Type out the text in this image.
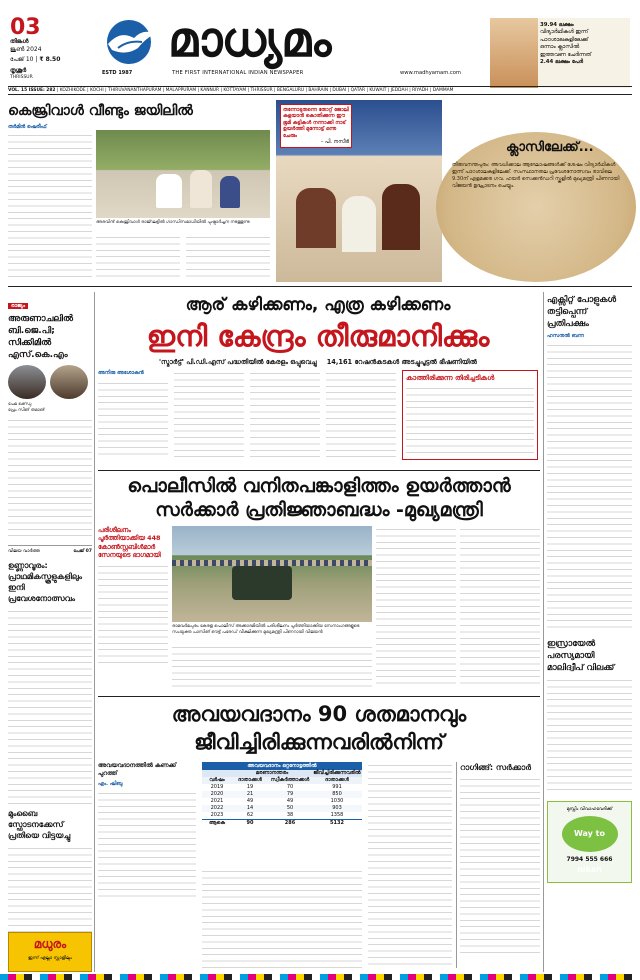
03
തിങ്കൾ
ജൂൺ 2024
പേജ് 10 | ₹ 8.50
തൃശൂർ
THRISSUR
ESTD 1987
മാധ്യമം
THE FIRST INTERNATIONAL INDIAN NEWSPAPER	www.madhyamam.com
39.94 ലക്ഷം
വിദ്യാർഥികൾ ഇന്ന്
പാഠശാലകളിലേക്ക്
ഒന്നാം ക്ലാസിൽ
ഇത്തവണ ചേർന്നത്
2.44 ലക്ഷം പേർ
VOL. 15 ISSUE: 282 | KOZHIKODE | KOCHI | THIRUVANANTHAPURAM | MALAPPURAM | KANNUR | KOTTAYAM | THRISSUR | BENGALURU | BAHRAIN | DUBAI | QATAR | KUWAIT | JEDDAH | RIYADH | DAMMAM
കെജ്രിവാൾ വീണ്ടും ജയിലിൽ
തർമിൻ ഷെരീഫ്
അരവിന്ദ് കെജ്രിവാൾ രാജ്ഘട്ടിൽ ഗാന്ധിസമാധിയിൽ പുഷ്പാർച്ചന നടത്തുന്നു
തന്നോടുതന്നെ തോറ്റ് ജോലി കളയാൻ കൊതിക്കുന്ന ഈ ഭൂമി കുട്ടികൾ നന്നാക്കി നാട് ഉയർത്തി മുന്നോട്ട് ഒന്നു ചേരും
– പി. നസീർ	ക്ലാസിലേക്ക്...
തിരുവനന്തപുരം: അവധിക്കാല ആഘോഷങ്ങൾക്ക് ശേഷം വിദ്യാർഥികൾ ഇന്ന് പാഠശാലകളിലേക്ക്. സംസ്ഥാനതല പ്രവേശനോത്സവം രാവിലെ 9.30ന് എളമക്കര ഗവ. ഹയർ സെക്കൻഡറി സ്കൂളിൽ മുഖ്യമന്ത്രി പിണറായി വിജയൻ ഉദ്ഘാടനം ചെയ്യും.
രാജ്യം
അരുണാചലിൽ ബി.ജെ.പി; സിക്കിമിൽ എസ്.കെ.എം
പേമ ഖണ്ഡു
പ്രേം സിങ് തമാങ്
വിജയ വാർത്ത	പേജ് 07
ഉണ്ണാവൂരം: പ്രാഥമികസ്കൂളുകളിലും ഇനി പ്രവേശനോത്സവം
മുംബൈ സ്ഫോടനക്കേസ് പ്രതിയെ വിട്ടയച്ചു
ആര് കഴിക്കണം, എത്ര കഴിക്കണം
ഇനി കേന്ദ്രം തീരുമാനിക്കും
'സ്മാർട്ട്' പി.ഡി.എസ് പദ്ധതിയിൽ കേരളം ഒപ്പുവെച്ചു 14,161 റേഷൻകടകൾ അടച്ചുപൂട്ടൽ ഭീഷണിയിൽ
അനിരു അശോകൻ
കാത്തിരിക്കുന്ന തിരിച്ചടികൾ
എക്സിറ്റ് പോളുകൾ തട്ടിപ്പെന്ന് പ്രതിപക്ഷം
ഹസനുൽ ബന്ന
ഇസ്രായേൽ പരസ്യമായി മാലിദ്വീപ് വിലക്ക്
മുസ്ലിം വിവാഹവേദിക്ക്
Way to nikah
7994 555 666
പൊലീസിൽ വനിതപങ്കാളിത്തം ഉയർത്താൻ സർക്കാർ പ്രതിജ്ഞാബദ്ധം -മുഖ്യമന്ത്രി
പരിശീലനം പൂർത്തിയാക്കിയ 448 കോൺസ്റ്റബിൾമാർ സേനയുടെ ഭാഗമായി
രാമവർമപുരം കേരള പൊലീസ് അക്കാദമിയിൽ പരിശീലനം പൂർത്തിയാക്കിയ സേനാംഗങ്ങളുടെ സംയുക്ത പാസിങ് ഔട്ട് പരേഡ് വീക്ഷിക്കുന്ന മുഖ്യമന്ത്രി പിണറായി വിജയൻ
അവയവദാനം 90 ശതമാനവും
ജീവിച്ചിരിക്കുന്നവരിൽനിന്ന്
അവയവദാനത്തിൽ കണക്ക് പുറത്ത്
എം. ഷിബു
അവയവദാനം ഒറ്റനോട്ടത്തിൽ
മരണാനന്തരം	ജീവിച്ചിരിക്കുന്നവരിൽ
വർഷം	ദാതാക്കൾ	സ്വീകർത്താക്കൾ	ദാതാക്കൾ
2019	19	70	991
2020	21	79	850
2021	49	49	1030
2022	14	50	903
2023	62	38	1358
ആകെ	90	286	5132
റാഗിങ്ങ്: സർക്കാർ
മധുരം
ഇന്ന് എല്ലാ സ്റ്റാളിലും
